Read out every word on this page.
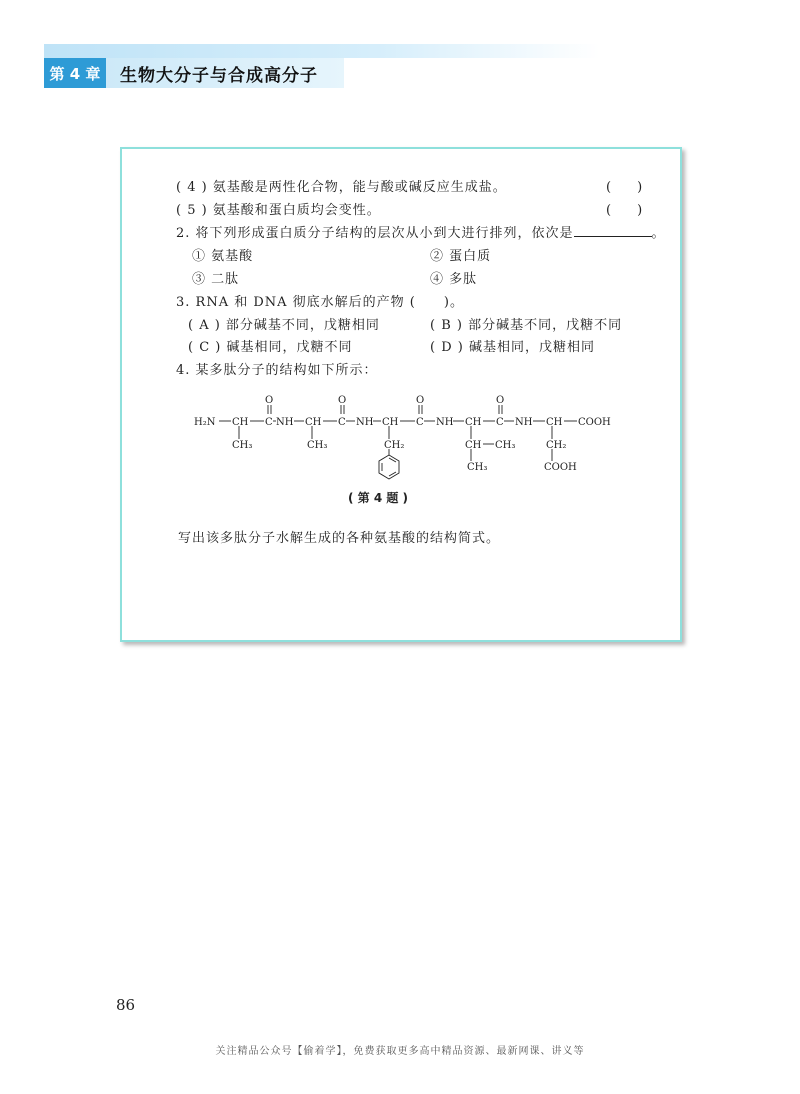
第 4 章	生物大分子与合成高分子
( 4 ) 氨基酸是两性化合物，能与酸或碱反应生成盐。	(　　)
( 5 ) 氨基酸和蛋白质均会变性。	(　　)
2. 将下列形成蛋白质分子结构的层次从小到大进行排列，依次是	。
① 氨基酸	② 蛋白质
③ 二肽	④ 多肽
3. RNA 和 DNA 彻底水解后的产物 (　　)。
( A ) 部分碱基不同，戊糖相同	( B ) 部分碱基不同，戊糖不同
( C ) 碱基相同，戊糖不同	( D ) 碱基相同，戊糖相同
4. 某多肽分子的结构如下所示：
H₂N CH C NH CH C NH CH C NH CH C NH CH COOH
O	O	O	O
CH₃	CH₃	CH₂	CH CH₃
CH₃
CH₂
COOH
( 第 4 题 )
写出该多肽分子水解生成的各种氨基酸的结构简式。
86
关注精品公众号【偷着学】，免费获取更多高中精品资源、最新网课、讲义等
